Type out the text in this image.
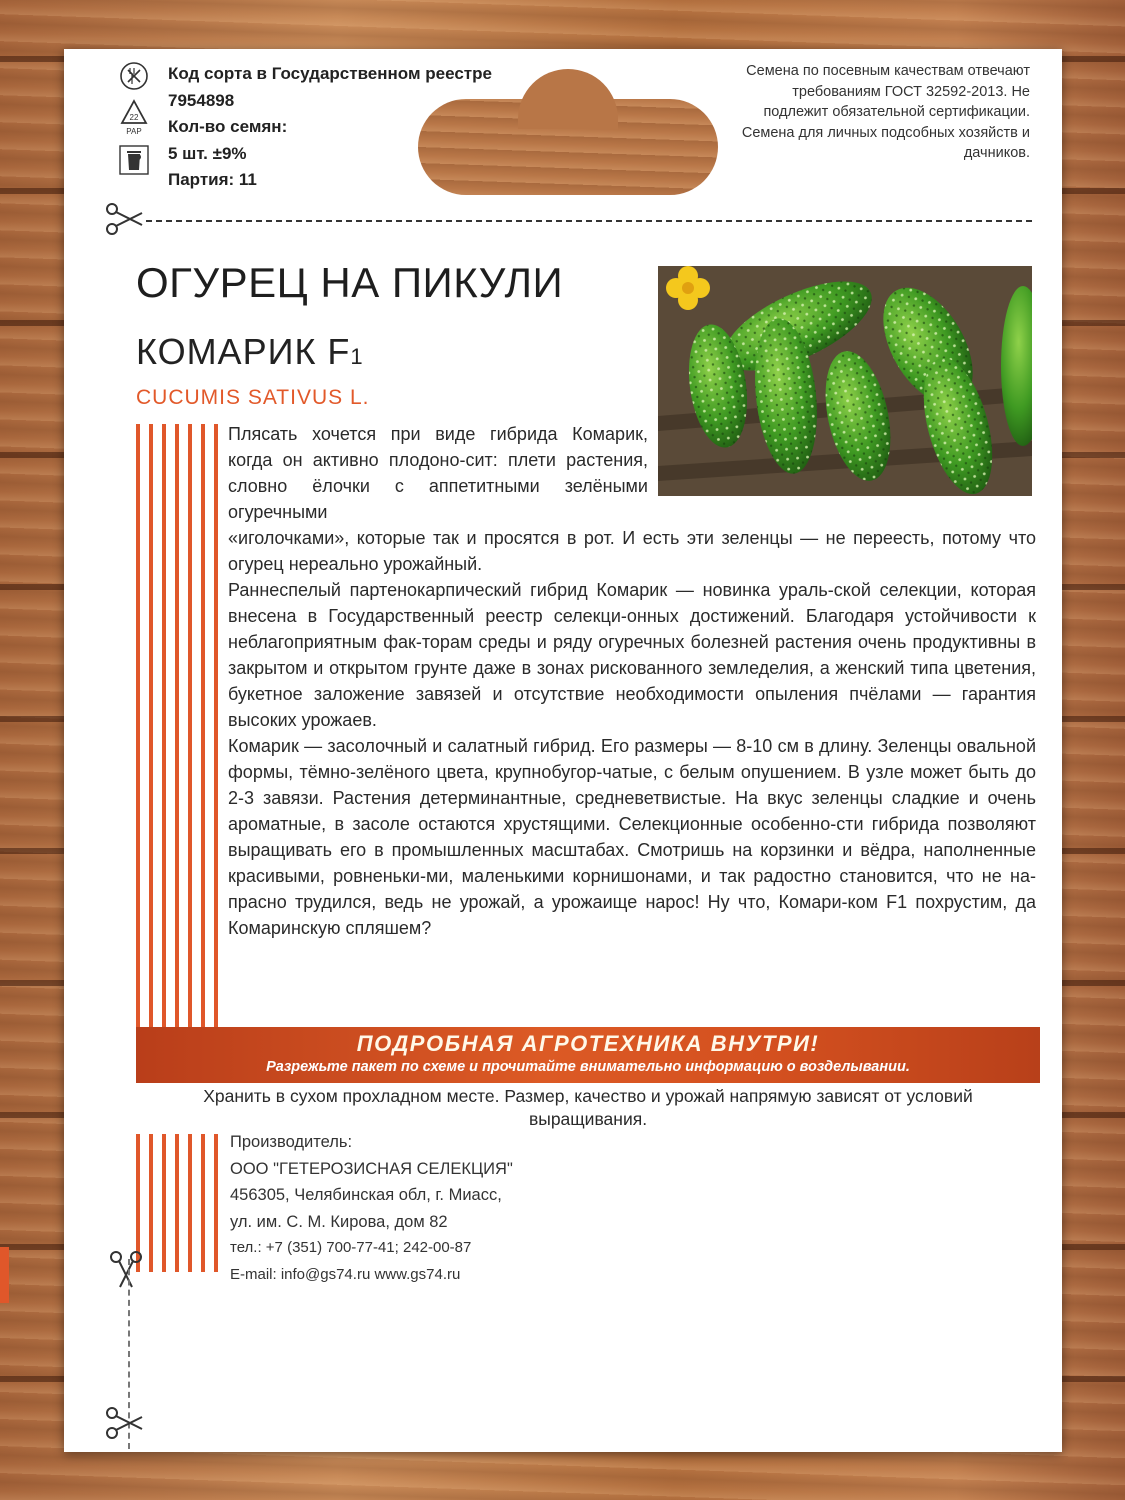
22
PAP
Код сорта в Государственном реестре 7954898
Кол-во семян:
5 шт. ±9%
Партия: 11
Семена по посевным качествам отвечают требованиям ГОСТ 32592-2013. Не подлежит обязательной сертификации. Семена для личных подсобных хозяйств и дачников.
ОГУРЕЦ НА ПИКУЛИ
КОМАРИК F1
CUCUMIS SATIVUS L.

Плясать хочется при виде гибрида Комарик, когда он активно плодоно-сит: плети растения, словно ёлочки с аппетитными зелёными огуречными

«иголочками», которые так и просятся в рот. И есть эти зеленцы — не переесть, потому что огурец нереально урожайный.

Раннеспелый партенокарпический гибрид Комарик — новинка ураль-ской селекции, которая внесена в Государственный реестр селекци-онных достижений. Благодаря устойчивости к неблагоприятным фак-торам среды и ряду огуречных болезней растения очень продуктивны в закрытом и открытом грунте даже в зонах рискованного земледелия, а женский типа цветения, букетное заложение завязей и отсутствие необходимости опыления пчёлами — гарантия высоких урожаев.

Комарик — засолочный и салатный гибрид. Его размеры — 8-10 см в длину. Зеленцы овальной формы, тёмно-зелёного цвета, крупнобугор-чатые, с белым опушением. В узле может быть до 2-3 завязи. Растения детерминантные, средневетвистые. На вкус зеленцы сладкие и очень ароматные, в засоле остаются хрустящими. Селекционные особенно-сти гибрида позволяют выращивать его в промышленных масштабах. Смотришь на корзинки и вёдра, наполненные красивыми, ровненьки-ми, маленькими корнишонами, и так радостно становится, что не на-прасно трудился, ведь не урожай, а урожаище нарос! Ну что, Комари-ком F1 похрустим, да Комаринскую спляшем?

ПОДРОБНАЯ АГРОТЕХНИКА ВНУТРИ!
Разрежьте пакет по схеме и прочитайте внимательно информацию о возделывании.
Хранить в сухом прохладном месте. Размер, качество и урожай напрямую зависят от условий выращивания.
Производитель:
ООО "ГЕТЕРОЗИСНАЯ СЕЛЕКЦИЯ"
456305, Челябинская обл, г. Миасс,
ул. им. С. М. Кирова, дом 82
тел.: +7 (351) 700-77-41; 242-00-87
E-mail: info@gs74.ru www.gs74.ru
